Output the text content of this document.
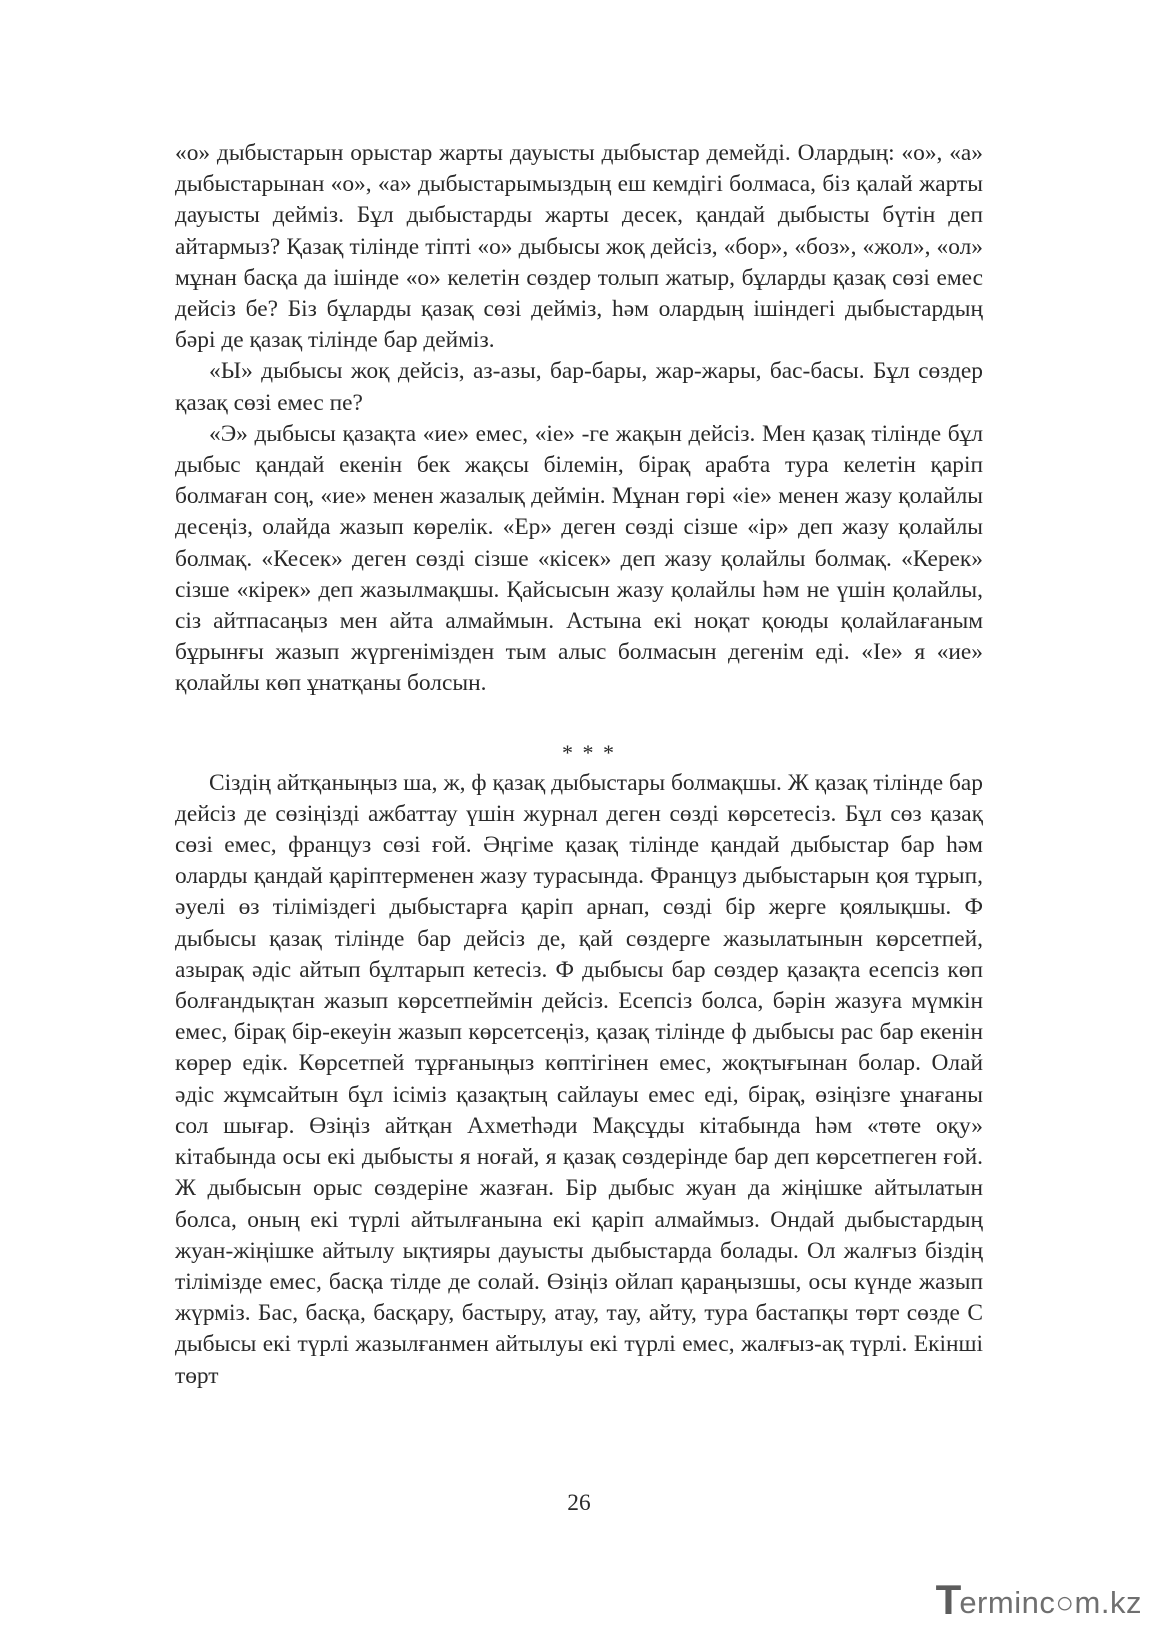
«о» дыбыстарын орыстар жарты дауысты дыбыстар демейді. Олардың: «о», «а» дыбыстарынан «о», «а» дыбыстарымыздың еш кемдігі болмаса, біз қалай жарты дауысты дейміз. Бұл дыбыстарды жарты десек, қандай дыбысты бүтін деп айтармыз? Қазақ тілінде тіпті «о» дыбысы жоқ дейсіз, «бор», «боз», «жол», «ол» мұнан басқа да ішінде «о» келетін сөздер толып жатыр, бұларды қазақ сөзі емес дейсіз бе? Біз бұларды қазақ сөзі дейміз, һәм олардың ішіндегі дыбыстардың бәрі де қазақ тілінде бар дейміз.

«Ы» дыбысы жоқ дейсіз, аз-азы, бар-бары, жар-жары, бас-басы. Бұл сөздер қазақ сөзі емес пе?

«Э» дыбысы қазақта «ие» емес, «іе» -ге жақын дейсіз. Мен қазақ тілінде бұл дыбыс қандай екенін бек жақсы білемін, бірақ арабта тура келетін қаріп болмаған соң, «ие» менен жазалық деймін. Мұнан гөрі «іе» менен жазу қолайлы десеңіз, олайда жазып көрелік. «Ер» деген сөзді сізше «ір» деп жазу қолайлы болмақ. «Кесек» деген сөзді сізше «кісек» деп жазу қолайлы болмақ. «Керек» сізше «кірек» деп жазылмақшы. Қайсысын жазу қолайлы һәм не үшін қолайлы, сіз айтпасаңыз мен айта алмаймын. Астына екі ноқат қоюды қолайлағаным бұрынғы жазып жүргенімізден тым алыс болмасын дегенім еді. «Іе» я «ие» қолайлы көп ұнатқаны болсын.

* * *

Сіздің айтқаныңыз ша, ж, ф қазақ дыбыстары болмақшы. Ж қазақ тілінде бар дейсіз де сөзіңізді ажбаттау үшін журнал деген сөзді көрсетесіз. Бұл сөз қазақ сөзі емес, француз сөзі ғой. Әңгіме қазақ тілінде қандай дыбыстар бар һәм оларды қандай қаріптерменен жазу турасында. Француз дыбыстарын қоя тұрып, әуелі өз тіліміздегі дыбыстарға қаріп арнап, сөзді бір жерге қоялықшы. Ф дыбысы қазақ тілінде бар дейсіз де, қай сөздерге жазылатынын көрсетпей, азырақ әдіс айтып бұлтарып кетесіз. Ф дыбысы бар сөздер қазақта есепсіз көп болғандықтан жазып көрсетпеймін дейсіз. Есепсіз болса, бәрін жазуға мүмкін емес, бірақ бір-екеуін жазып көрсетсеңіз, қазақ тілінде ф дыбысы рас бар екенін көрер едік. Көрсетпей тұрғаныңыз көптігінен емес, жоқтығынан болар. Олай әдіс жұмсайтын бұл ісіміз қазақтың сайлауы емес еді, бірақ, өзіңізге ұнағаны сол шығар. Өзіңіз айтқан Ахметһәди Мақсұды кітабында һәм «төте оқу» кітабында осы екі дыбысты я ноғай, я қазақ сөздерінде бар деп көрсетпеген ғой. Ж дыбысын орыс сөздеріне жазған. Бір дыбыс жуан да жіңішке айтылатын болса, оның екі түрлі айтылғанына екі қаріп алмаймыз. Ондай дыбыстардың жуан-жіңішке айтылу ықтияры дауысты дыбыстарда болады. Ол жалғыз біздің тілімізде емес, басқа тілде де солай. Өзіңіз ойлап қараңызшы, осы күнде жазып жүрміз. Бас, басқа, басқару, бастыру, атау, тау, айту, тура бастапқы төрт сөзде С дыбысы екі түрлі жазылғанмен айтылуы екі түрлі емес, жалғыз-ақ түрлі. Екінші төрт

26
T erminc○m.kz
